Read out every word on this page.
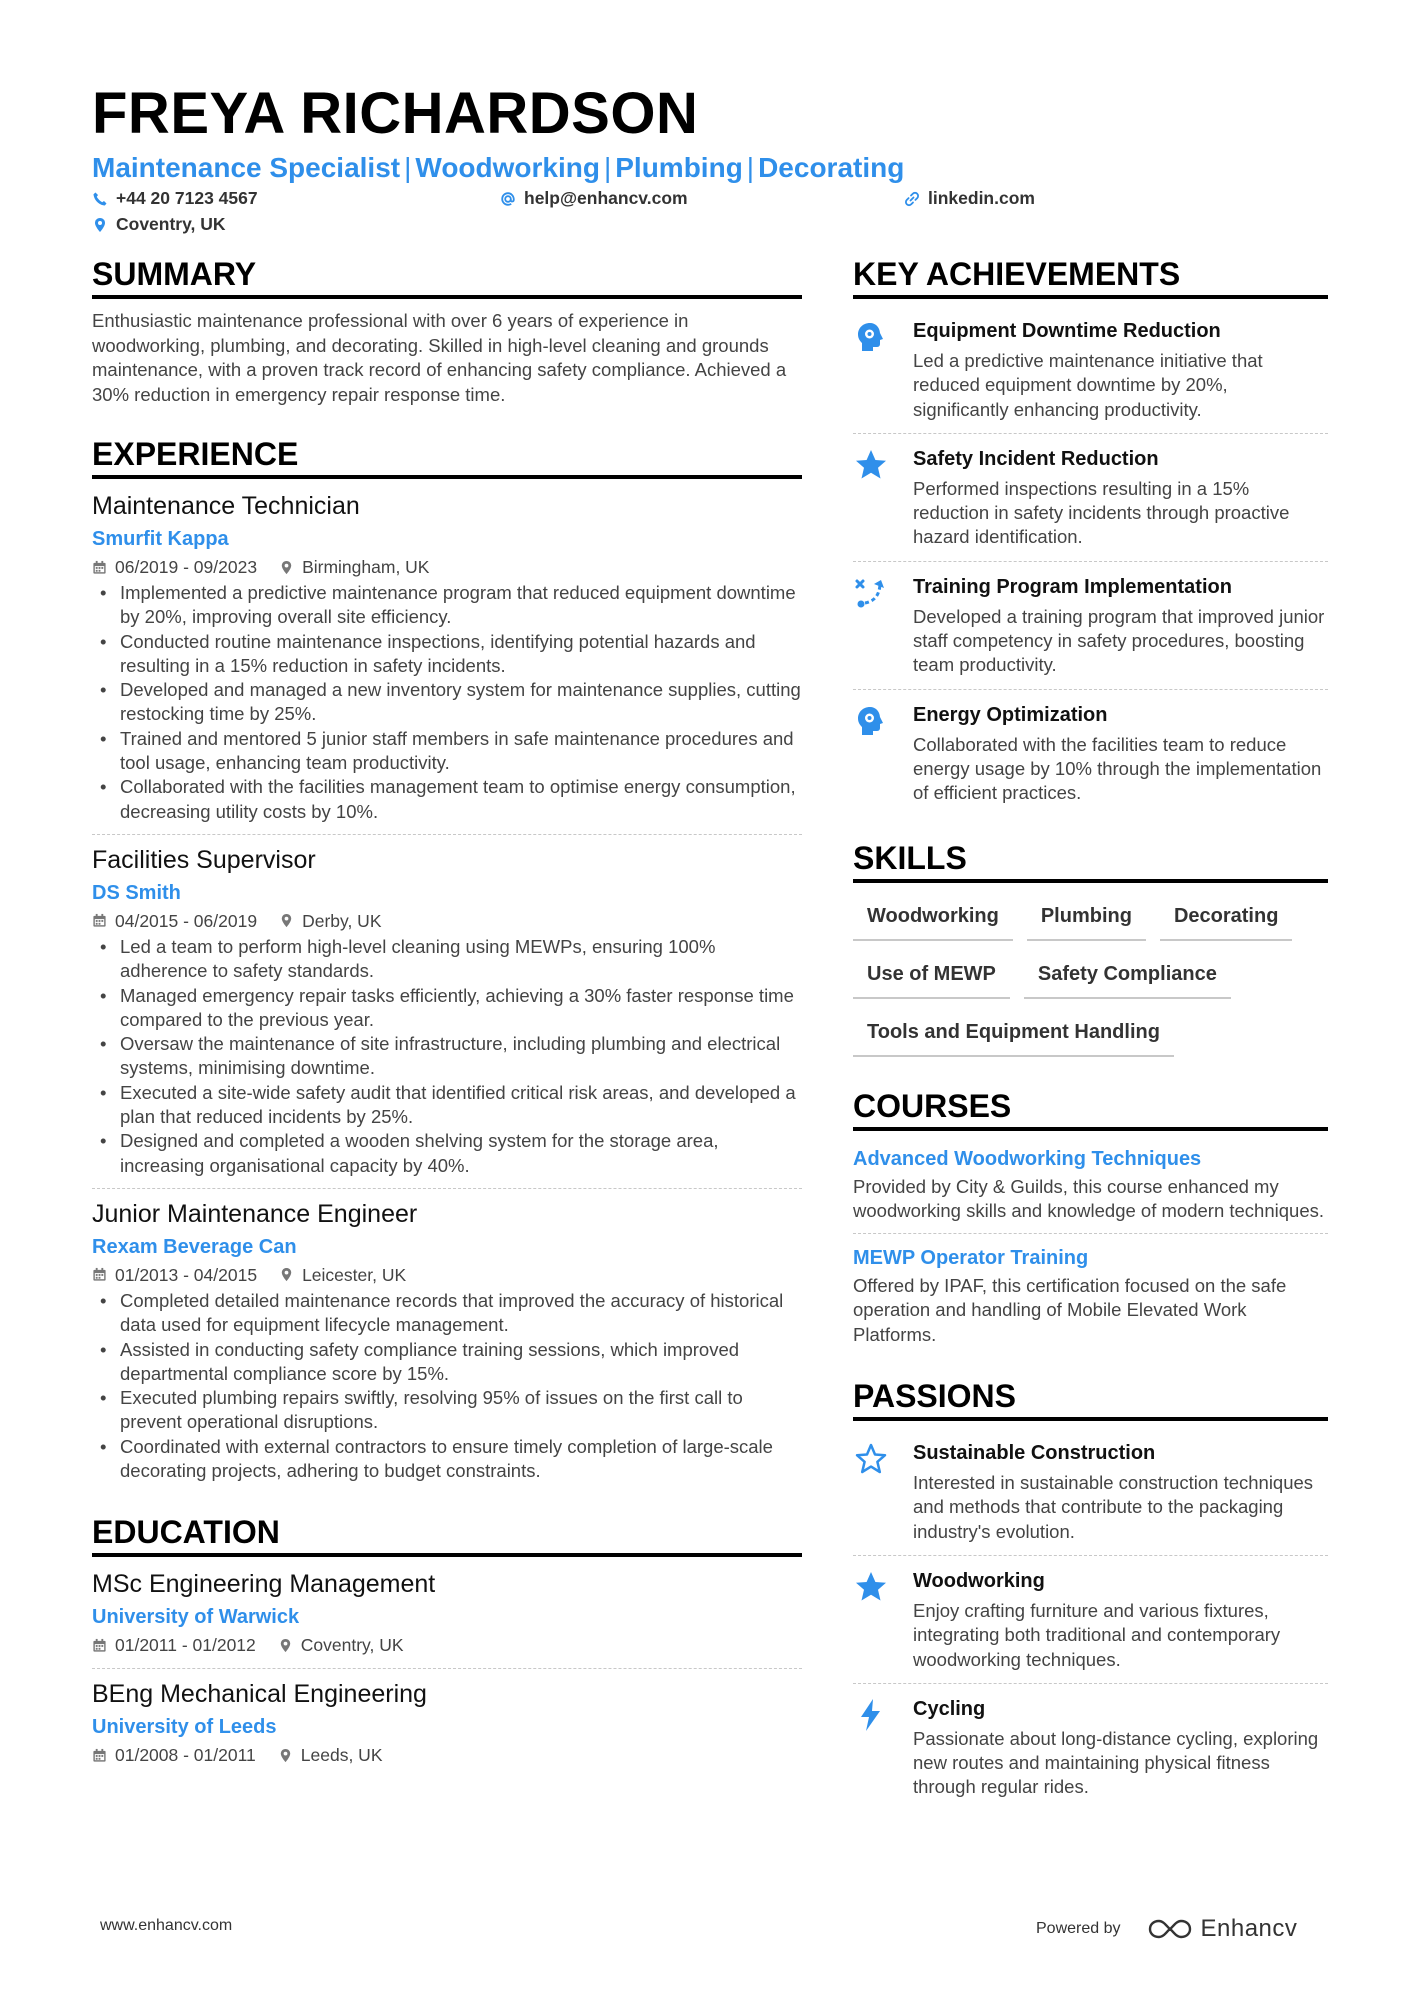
FREYA RICHARDSON
Maintenance Specialist | Woodworking | Plumbing | Decorating
+44 20 7123 4567	help@enhancv.com	linkedin.com
Coventry, UK
SUMMARY
Enthusiastic maintenance professional with over 6 years of experience in woodworking, plumbing, and decorating. Skilled in high-level cleaning and grounds maintenance, with a proven track record of enhancing safety compliance. Achieved a 30% reduction in emergency repair response time.
EXPERIENCE
Maintenance Technician
Smurfit Kappa
06/2019 - 09/2023	Birmingham, UK
• Implemented a predictive maintenance program that reduced equipment downtime by 20%, improving overall site efficiency.
• Conducted routine maintenance inspections, identifying potential hazards and resulting in a 15% reduction in safety incidents.
• Developed and managed a new inventory system for maintenance supplies, cutting restocking time by 25%.
• Trained and mentored 5 junior staff members in safe maintenance procedures and tool usage, enhancing team productivity.
• Collaborated with the facilities management team to optimise energy consumption, decreasing utility costs by 10%.
Facilities Supervisor
DS Smith
04/2015 - 06/2019	Derby, UK
• Led a team to perform high-level cleaning using MEWPs, ensuring 100% adherence to safety standards.
• Managed emergency repair tasks efficiently, achieving a 30% faster response time compared to the previous year.
• Oversaw the maintenance of site infrastructure, including plumbing and electrical systems, minimising downtime.
• Executed a site-wide safety audit that identified critical risk areas, and developed a plan that reduced incidents by 25%.
• Designed and completed a wooden shelving system for the storage area, increasing organisational capacity by 40%.
Junior Maintenance Engineer
Rexam Beverage Can
01/2013 - 04/2015	Leicester, UK
• Completed detailed maintenance records that improved the accuracy of historical data used for equipment lifecycle management.
• Assisted in conducting safety compliance training sessions, which improved departmental compliance score by 15%.
• Executed plumbing repairs swiftly, resolving 95% of issues on the first call to prevent operational disruptions.
• Coordinated with external contractors to ensure timely completion of large-scale decorating projects, adhering to budget constraints.
EDUCATION
MSc Engineering Management
University of Warwick
01/2011 - 01/2012	Coventry, UK
BEng Mechanical Engineering
University of Leeds
01/2008 - 01/2011	Leeds, UK
KEY ACHIEVEMENTS
Equipment Downtime Reduction
Led a predictive maintenance initiative that reduced equipment downtime by 20%, significantly enhancing productivity.
Safety Incident Reduction
Performed inspections resulting in a 15% reduction in safety incidents through proactive hazard identification.
Training Program Implementation
Developed a training program that improved junior staff competency in safety procedures, boosting team productivity.
Energy Optimization
Collaborated with the facilities team to reduce energy usage by 10% through the implementation of efficient practices.
SKILLS
Woodworking	Plumbing	Decorating
Use of MEWP	Safety Compliance
Tools and Equipment Handling
COURSES
Advanced Woodworking Techniques
Provided by City & Guilds, this course enhanced my woodworking skills and knowledge of modern techniques.
MEWP Operator Training
Offered by IPAF, this certification focused on the safe operation and handling of Mobile Elevated Work Platforms.
PASSIONS
Sustainable Construction
Interested in sustainable construction techniques and methods that contribute to the packaging industry's evolution.
Woodworking
Enjoy crafting furniture and various fixtures, integrating both traditional and contemporary woodworking techniques.
Cycling
Passionate about long-distance cycling, exploring new routes and maintaining physical fitness through regular rides.
www.enhancv.com	Powered by	Enhancv
